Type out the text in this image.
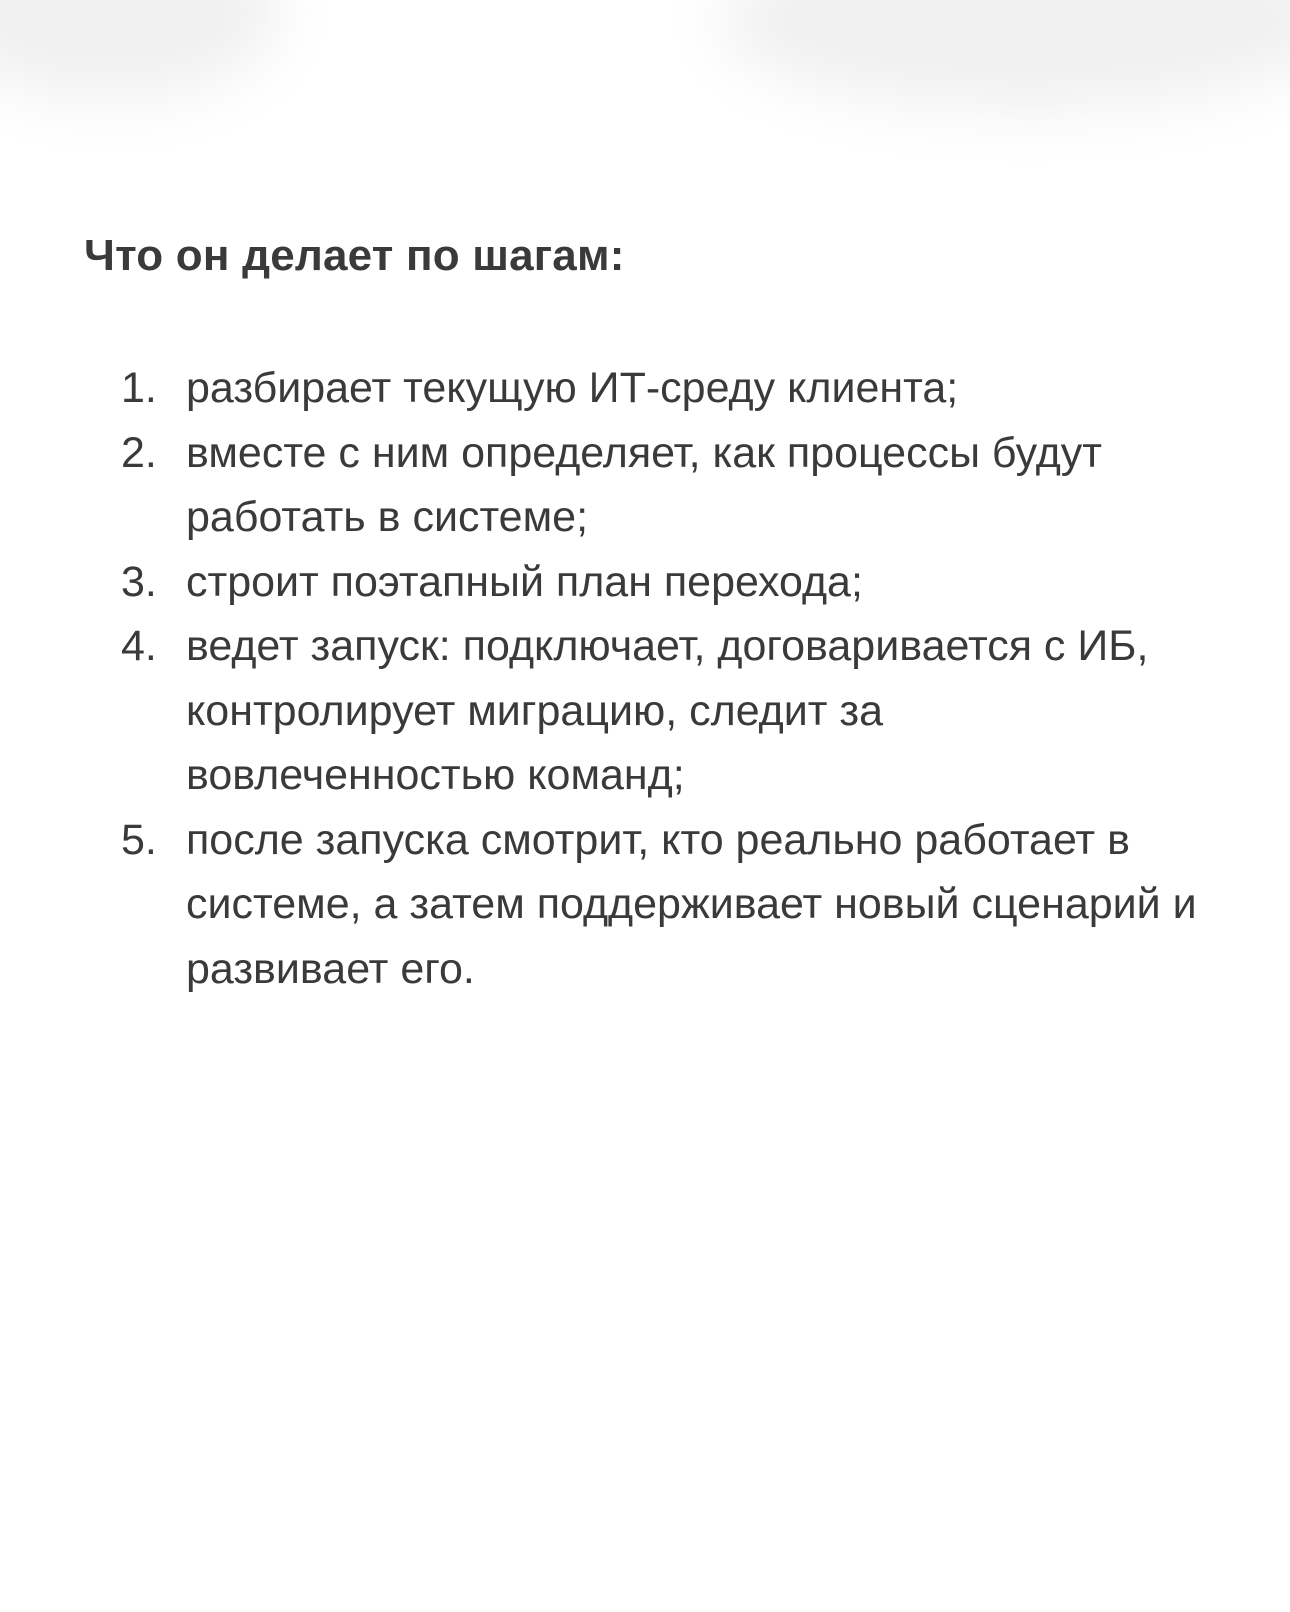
Что он делает по шагам:
1. разбирает текущую ИТ-среду клиента;
2. вместе с ним определяет, как процессы будут работать в системе;
3. строит поэтапный план перехода;
4. ведет запуск: подключает, договаривается с ИБ, контролирует миграцию, следит за вовлеченностью команд;
5. после запуска смотрит, кто реально работает в системе, а затем поддерживает новый сценарий и развивает его.
